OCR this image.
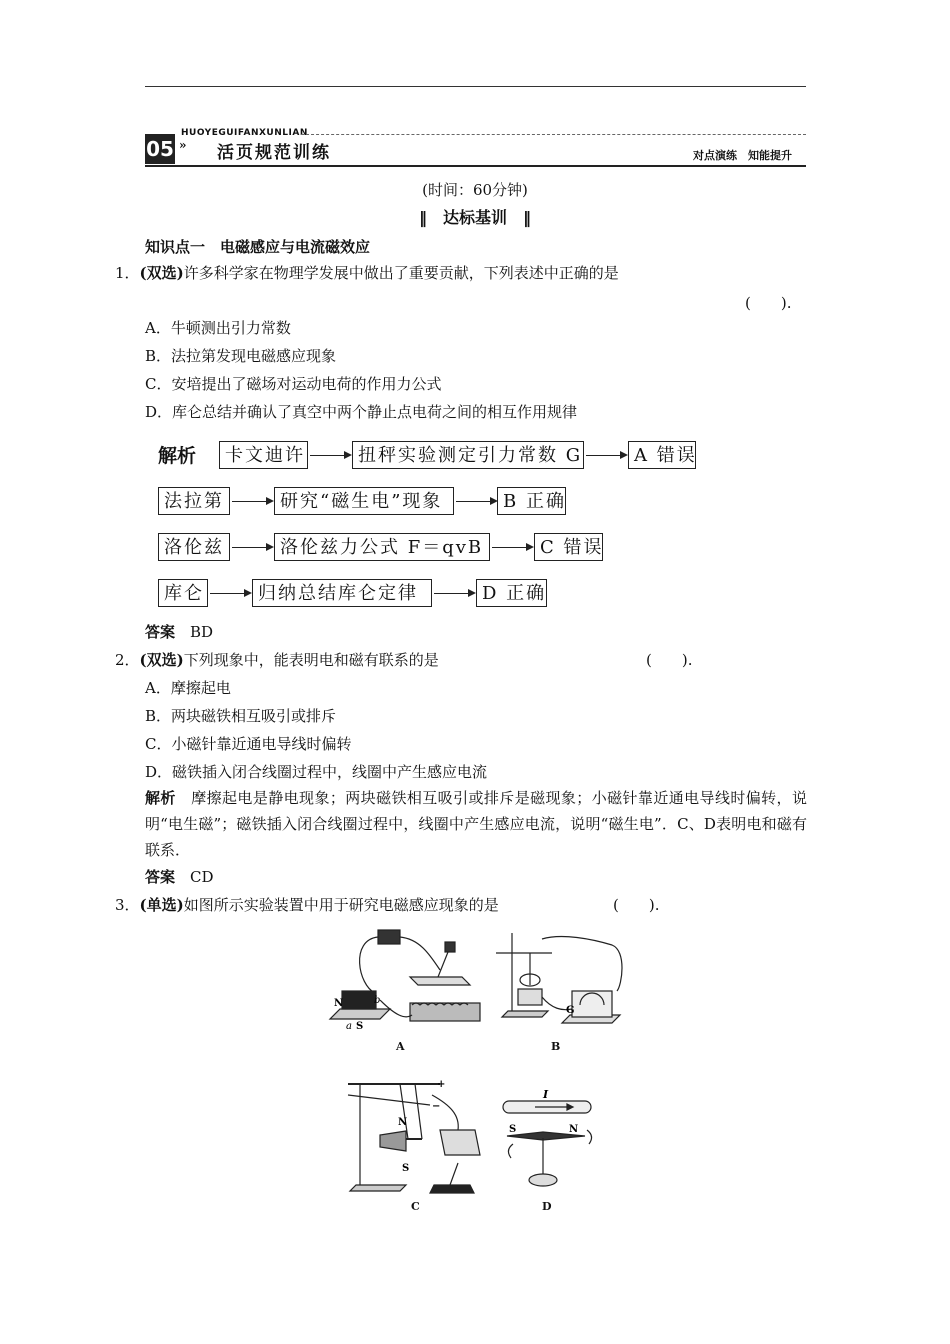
HUOYEGUIFANXUNLIAN
05 » 活页规范训练	对点演练　知能提升
(时间：60分钟)
‖　达标基训　‖
知识点一　电磁感应与电流磁效应
1．(双选)许多科学家在物理学发展中做出了重要贡献，下列表述中正确的是
(　　).
A．牛顿测出引力常数
B．法拉第发现电磁感应现象
C．安培提出了磁场对运动电荷的作用力公式
D．库仑总结并确认了真空中两个静止点电荷之间的相互作用规律
解析	卡文迪许	扭秤实验测定引力常数 G	A 错误
法拉第	研究“磁生电”现象	B 正确
洛伦兹	洛伦兹力公式 F＝qvB	C 错误
库仑	归纳总结库仑定律	D 正确
答案　 BD
2．(双选)下列现象中，能表明电和磁有联系的是	(　　).
A．摩擦起电
B．两块磁铁相互吸引或排斥
C．小磁针靠近通电导线时偏转
D．磁铁插入闭合线圈过程中，线圈中产生感应电流
解析　 摩擦起电是静电现象；两块磁铁相互吸引或排斥是磁现象；小磁针靠近通电导线时偏转，说明“电生磁”；磁铁插入闭合线圈过程中，线圈中产生感应电流，说明“磁生电”．C、D表明电和磁有联系．
答案　 CD
3．(单选)如图所示实验装置中用于研究电磁感应现象的是	(　　).
N	b
a S
A
G
B
+
−
N
S
C
I
S	N
D
